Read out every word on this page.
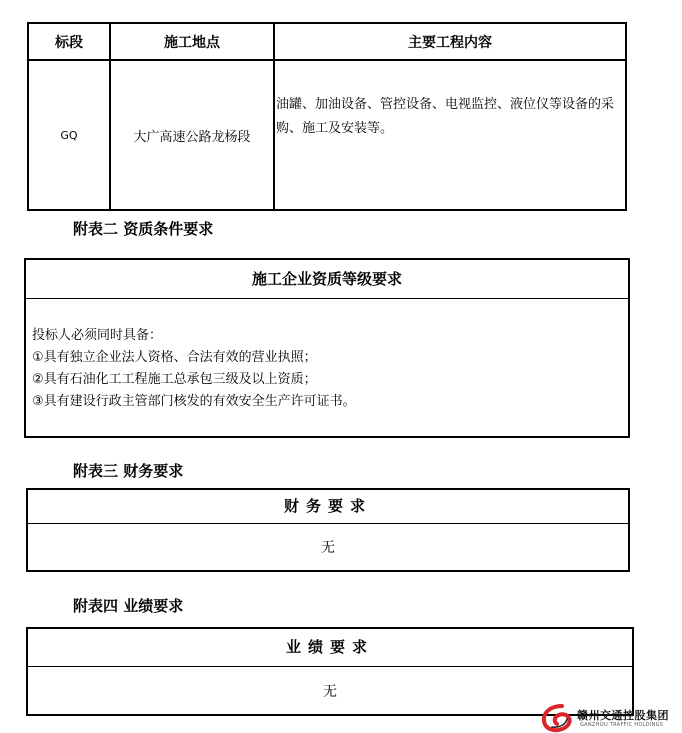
标段	施工地点	主要工程内容
GQ	大广高速公路龙杨段	油罐、加油设备、管控设备、电视监控、液位仪等设备的采购、施工及安装等。
附表二 资质条件要求
施工企业资质等级要求
投标人必须同时具备：
①具有独立企业法人资格、合法有效的营业执照；
②具有石油化工工程施工总承包三级及以上资质；
③具有建设行政主管部门核发的有效安全生产许可证书。
附表三 财务要求
财务要求
无
附表四 业绩要求
业绩要求
无
赣州交通控股集团
GANZHOU TRAFFIC HOLDINGS
